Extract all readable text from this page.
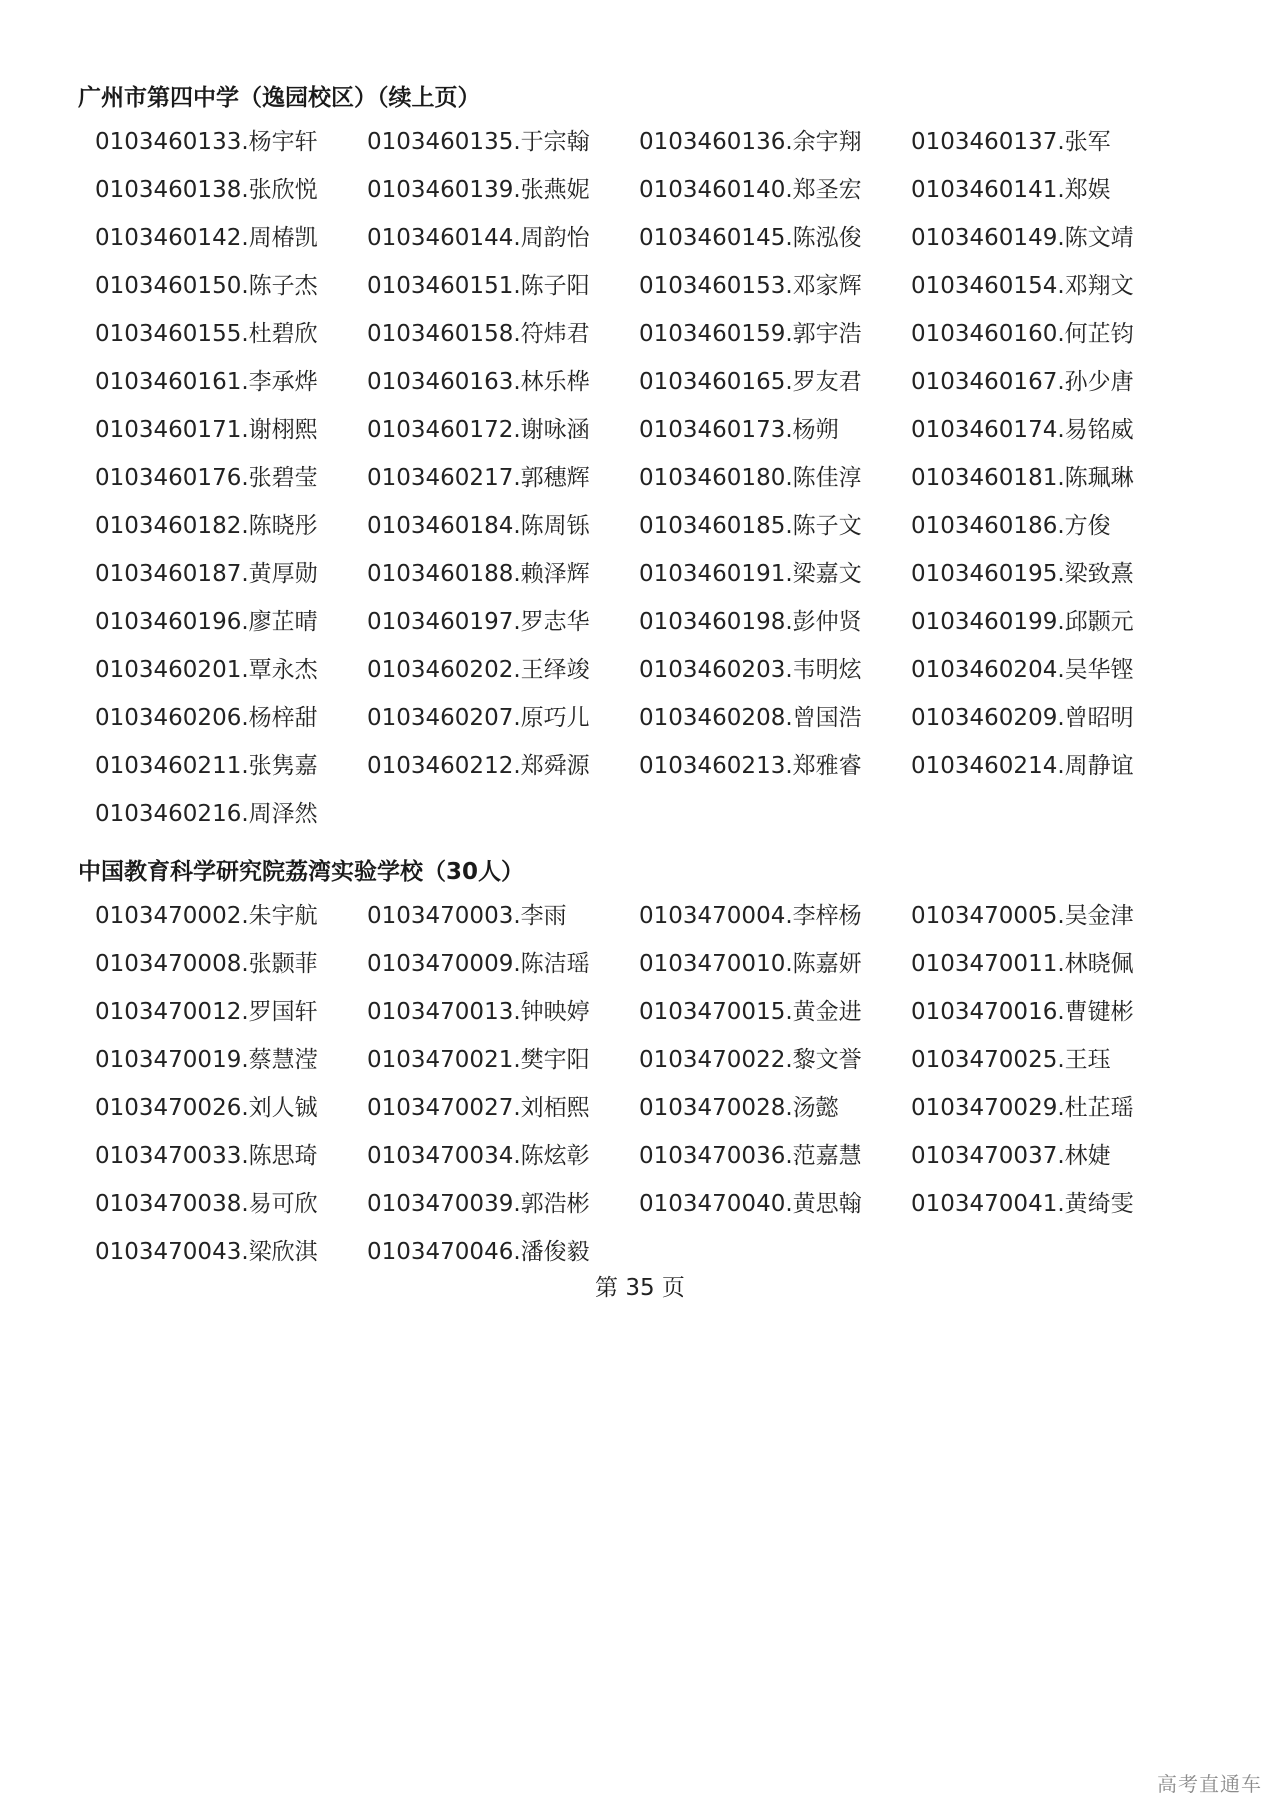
广州市第四中学（逸园校区）（续上页）
0103460133.杨宇轩	0103460135.于宗翰	0103460136.余宇翔	0103460137.张军
0103460138.张欣悦	0103460139.张燕妮	0103460140.郑圣宏	0103460141.郑娱
0103460142.周椿凯	0103460144.周韵怡	0103460145.陈泓俊	0103460149.陈文靖
0103460150.陈子杰	0103460151.陈子阳	0103460153.邓家辉	0103460154.邓翔文
0103460155.杜碧欣	0103460158.符炜君	0103460159.郭宇浩	0103460160.何芷钧
0103460161.李承烨	0103460163.林乐桦	0103460165.罗友君	0103460167.孙少唐
0103460171.谢栩熙	0103460172.谢咏涵	0103460173.杨朔	0103460174.易铭威
0103460176.张碧莹	0103460217.郭穗辉	0103460180.陈佳淳	0103460181.陈珮琳
0103460182.陈晓彤	0103460184.陈周铄	0103460185.陈子文	0103460186.方俊
0103460187.黄厚勋	0103460188.赖泽辉	0103460191.梁嘉文	0103460195.梁致熹
0103460196.廖芷晴	0103460197.罗志华	0103460198.彭仲贤	0103460199.邱颢元
0103460201.覃永杰	0103460202.王绎竣	0103460203.韦明炫	0103460204.吴华铿
0103460206.杨梓甜	0103460207.原巧儿	0103460208.曾国浩	0103460209.曾昭明
0103460211.张隽嘉	0103460212.郑舜源	0103460213.郑雅睿	0103460214.周静谊
0103460216.周泽然
中国教育科学研究院荔湾实验学校（30人）
0103470002.朱宇航	0103470003.李雨	0103470004.李梓杨	0103470005.吴金津
0103470008.张颢菲	0103470009.陈洁瑶	0103470010.陈嘉妍	0103470011.林晓佩
0103470012.罗国轩	0103470013.钟映婷	0103470015.黄金进	0103470016.曹键彬
0103470019.蔡慧滢	0103470021.樊宇阳	0103470022.黎文誉	0103470025.王珏
0103470026.刘人铖	0103470027.刘栢熙	0103470028.汤懿	0103470029.杜芷瑶
0103470033.陈思琦	0103470034.陈炫彰	0103470036.范嘉慧	0103470037.林婕
0103470038.易可欣	0103470039.郭浩彬	0103470040.黄思翰	0103470041.黄绮雯
0103470043.梁欣淇	0103470046.潘俊毅
第 35 页
高考直通车
